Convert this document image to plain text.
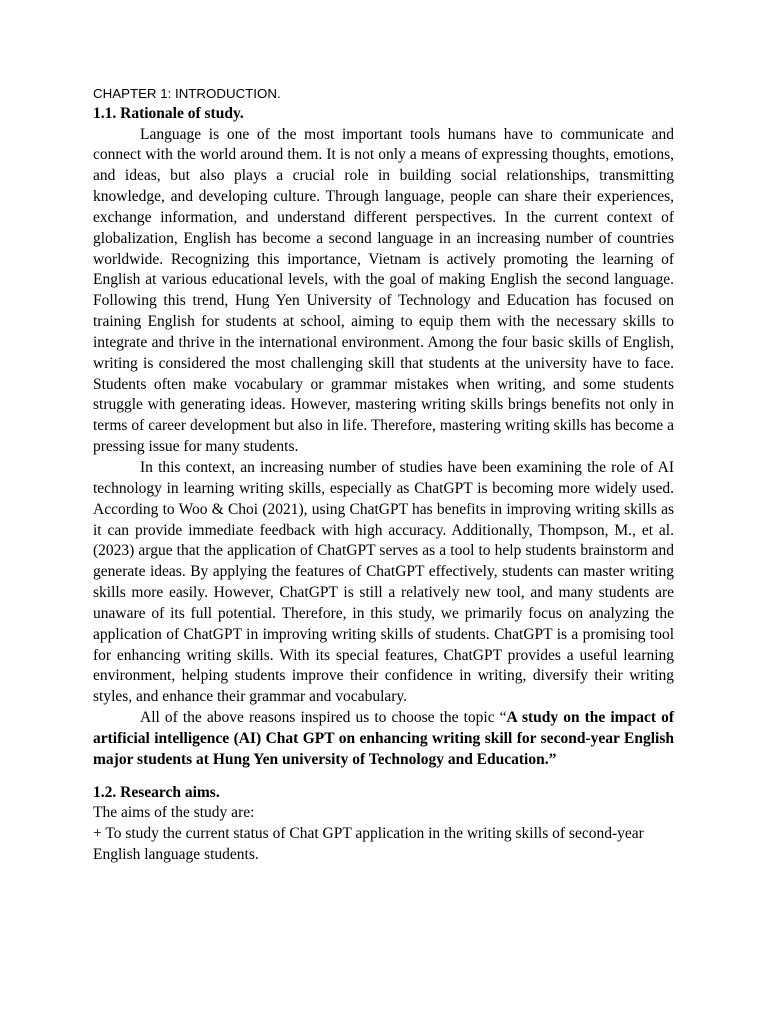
CHAPTER 1: INTRODUCTION.

1.1. Rationale of study.

Language is one of the most important tools humans have to communicate and connect with the world around them. It is not only a means of expressing thoughts, emotions, and ideas, but also plays a crucial role in building social relationships, transmitting knowledge, and developing culture. Through language, people can share their experiences, exchange information, and understand different perspectives. In the current context of globalization, English has become a second language in an increasing number of countries worldwide. Recognizing this importance, Vietnam is actively promoting the learning of English at various educational levels, with the goal of making English the second language. Following this trend, Hung Yen University of Technology and Education has focused on training English for students at school, aiming to equip them with the necessary skills to integrate and thrive in the international environment. Among the four basic skills of English, writing is considered the most challenging skill that students at the university have to face. Students often make vocabulary or grammar mistakes when writing, and some students struggle with generating ideas. However, mastering writing skills brings benefits not only in terms of career development but also in life. Therefore, mastering writing skills has become a pressing issue for many students.

In this context, an increasing number of studies have been examining the role of AI technology in learning writing skills, especially as ChatGPT is becoming more widely used. According to Woo & Choi (2021), using ChatGPT has benefits in improving writing skills as it can provide immediate feedback with high accuracy. Additionally, Thompson, M., et al. (2023) argue that the application of ChatGPT serves as a tool to help students brainstorm and generate ideas. By applying the features of ChatGPT effectively, students can master writing skills more easily. However, ChatGPT is still a relatively new tool, and many students are unaware of its full potential. Therefore, in this study, we primarily focus on analyzing the application of ChatGPT in improving writing skills of students. ChatGPT is a promising tool for enhancing writing skills. With its special features, ChatGPT provides a useful learning environment, helping students improve their confidence in writing, diversify their writing styles, and enhance their grammar and vocabulary.

All of the above reasons inspired us to choose the topic “A study on the impact of artificial intelligence (AI) Chat GPT on enhancing writing skill for second-year English major students at Hung Yen university of Technology and Education.”

1.2. Research aims.

The aims of the study are:

+ To study the current status of Chat GPT application in the writing skills of second-year English language students.
